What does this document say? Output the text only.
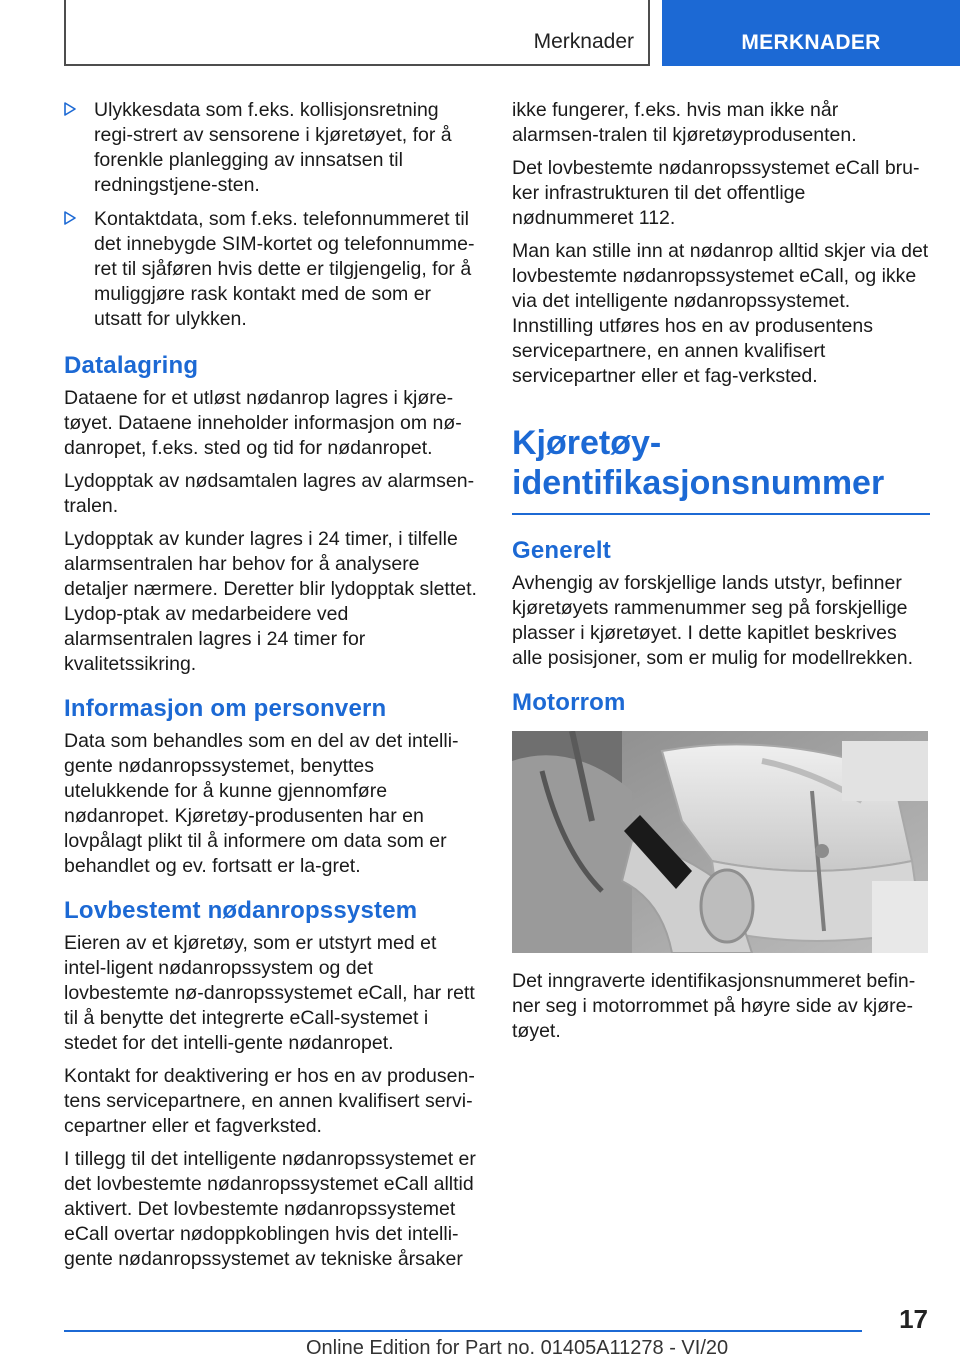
Merknader	MERKNADER
Ulykkesdata som f.eks. kollisjonsretning regi-strert av sensorene i kjøretøyet, for å forenkle planlegging av innsatsen til redningstjene-sten.
Kontaktdata, som f.eks. telefonnummeret til det innebygde SIM-kortet og telefonnumme-ret til sjåføren hvis dette er tilgjengelig, for å muliggjøre rask kontakt med de som er utsatt for ulykken.
Datalagring

Dataene for et utløst nødanrop lagres i kjøre-tøyet. Dataene inneholder informasjon om nø-danropet, f.eks. sted og tid for nødanropet.

Lydopptak av nødsamtalen lagres av alarmsen-tralen.

Lydopptak av kunder lagres i 24 timer, i tilfelle alarmsentralen har behov for å analysere detaljer nærmere. Deretter blir lydopptak slettet. Lydop-ptak av medarbeidere ved alarmsentralen lagres i 24 timer for kvalitetssikring.

Informasjon om personvern

Data som behandles som en del av det intelli-gente nødanropssystemet, benyttes utelukkende for å kunne gjennomføre nødanropet. Kjøretøy-produsenten har en lovpålagt plikt til å informere om data som er behandlet og ev. fortsatt er la-gret.

Lovbestemt nødanropssystem

Eieren av et kjøretøy, som er utstyrt med et intel-ligent nødanropssystem og det lovbestemte nø-danropssystemet eCall, har rett til å benytte det integrerte eCall-systemet i stedet for det intelli-gente nødanropet.

Kontakt for deaktivering er hos en av produsen-tens servicepartnere, en annen kvalifisert servi-cepartner eller et fagverksted.

I tillegg til det intelligente nødanropssystemet er det lovbestemte nødanropssystemet eCall alltid aktivert. Det lovbestemte nødanropssystemet eCall overtar nødoppkoblingen hvis det intelli-gente nødanropssystemet av tekniske årsaker

ikke fungerer, f.eks. hvis man ikke når alarmsen-tralen til kjøretøyprodusenten.

Det lovbestemte nødanropssystemet eCall bru-ker infrastrukturen til det offentlige nødnummeret 112.

Man kan stille inn at nødanrop alltid skjer via det lovbestemte nødanropssystemet eCall, og ikke via det intelligente nødanropssystemet. Innstilling utføres hos en av produsentens servicepartnere, en annen kvalifisert servicepartner eller et fag-verksted.

Kjøretøy-
identifikasjonsnummer
Generelt

Avhengig av forskjellige lands utstyr, befinner kjøretøyets rammenummer seg på forskjellige plasser i kjøretøyet. I dette kapitlet beskrives alle posisjoner, som er mulig for modellrekken.

Motorrom

Det inngraverte identifikasjonsnummeret befin-ner seg i motorrommet på høyre side av kjøre-tøyet.

17
Online Edition for Part no. 01405A11278 - VI/20
